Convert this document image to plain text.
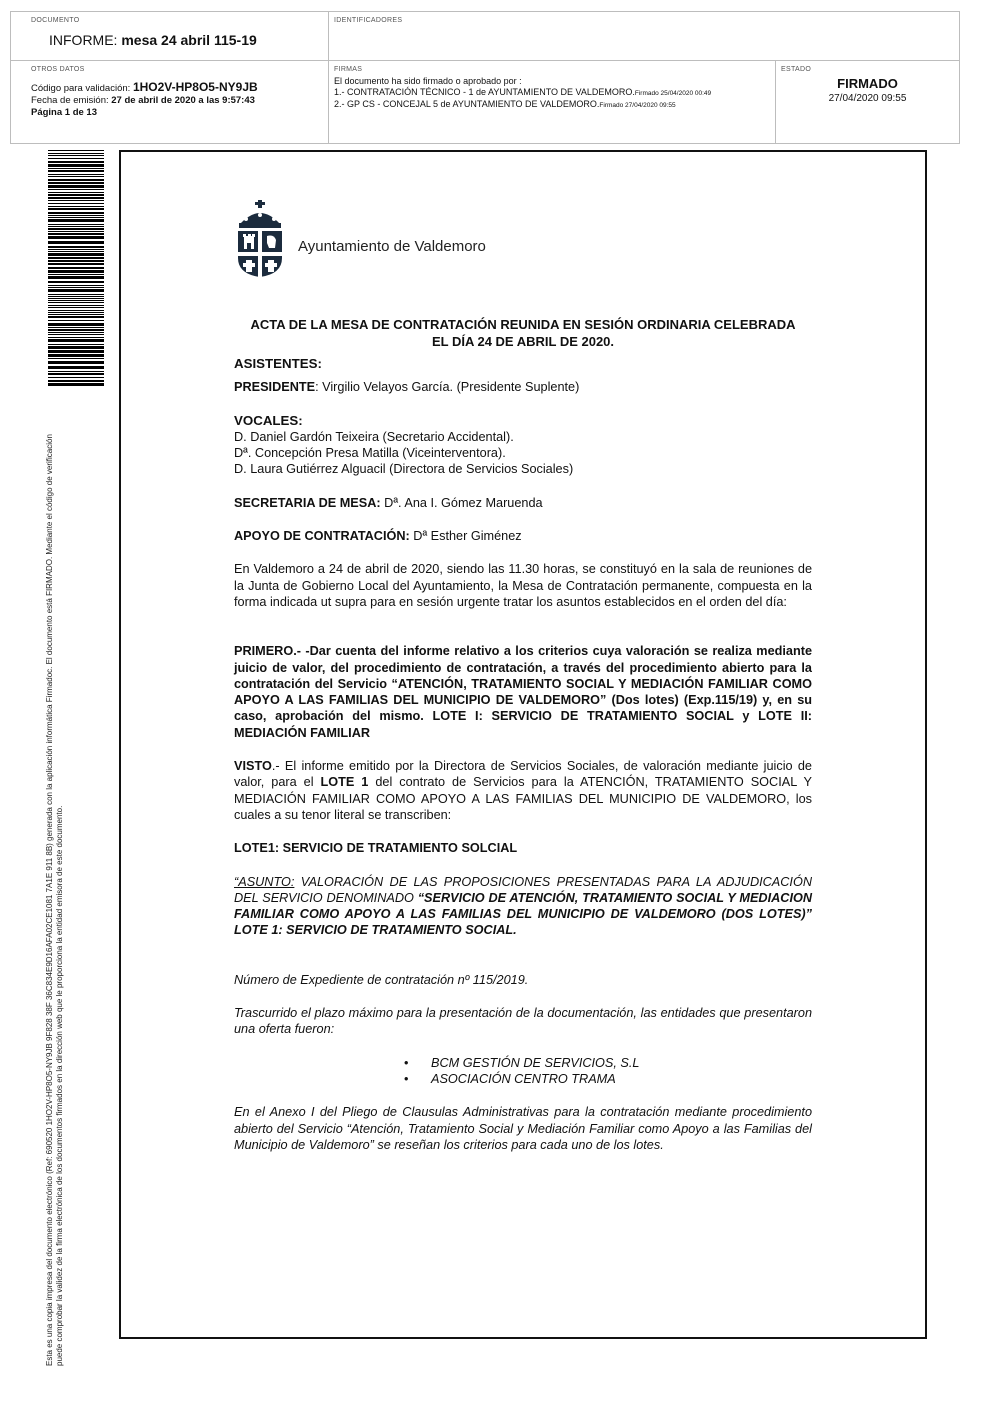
DOCUMENTO
INFORME: mesa 24 abril 115-19
IDENTIFICADORES
OTROS DATOS
Código para validación: 1HO2V-HP8O5-NY9JB
Fecha de emisión: 27 de abril de 2020 a las 9:57:43
Página 1 de 13
FIRMAS
El documento ha sido firmado o aprobado por :
1.- CONTRATACIÓN TÉCNICO - 1 de AYUNTAMIENTO DE VALDEMORO.Firmado 25/04/2020 00:49
2.- GP CS - CONCEJAL 5 de AYUNTAMIENTO DE VALDEMORO.Firmado 27/04/2020 09:55
ESTADO
FIRMADO
27/04/2020 09:55
Esta es una copia impresa del documento electrónico (Ref: 690520 1HO2V-HP8O5-NY9JB 9F828 38F 36C834E9D16AFA02CE1081 7A1E 911 8B) generada con la aplicación informática Firmadoc. El documento está FIRMADO. Mediante el código de verificación puede comprobar la validez de la firma electrónica de los documentos firmados en la dirección web que le proporciona la entidad emisora de este documento.
Ayuntamiento de Valdemoro

ACTA DE LA MESA DE CONTRATACIÓN REUNIDA EN SESIÓN ORDINARIA CELEBRADA

EL DÍA 24 DE ABRIL DE 2020.

ASISTENTES:

PRESIDENTE: Virgilio Velayos García. (Presidente Suplente)

VOCALES:

D. Daniel Gardón Teixeira (Secretario Accidental).

Dª. Concepción Presa Matilla (Viceinterventora).

D. Laura Gutiérrez Alguacil (Directora de Servicios Sociales)

SECRETARIA DE MESA: Dª. Ana I. Gómez Maruenda

APOYO DE CONTRATACIÓN: Dª Esther Giménez

En Valdemoro a 24 de abril de 2020, siendo las 11.30 horas, se constituyó en la sala de reuniones de la Junta de Gobierno Local del Ayuntamiento, la Mesa de Contratación permanente, compuesta en la forma indicada ut supra para en sesión urgente tratar los asuntos establecidos en el orden del día:

PRIMERO.- -Dar cuenta del informe relativo a los criterios cuya valoración se realiza mediante juicio de valor, del procedimiento de contratación, a través del procedimiento abierto para la contratación del Servicio “ATENCIÓN, TRATAMIENTO SOCIAL Y MEDIACIÓN FAMILIAR COMO APOYO A LAS FAMILIAS DEL MUNICIPIO DE VALDEMORO” (Dos lotes) (Exp.115/19) y, en su caso, aprobación del mismo. LOTE I: SERVICIO DE TRATAMIENTO SOCIAL y LOTE II: MEDIACIÓN FAMILIAR

VISTO.- El informe emitido por la Directora de Servicios Sociales, de valoración mediante juicio de valor, para el LOTE 1 del contrato de Servicios para la ATENCIÓN, TRATAMIENTO SOCIAL Y MEDIACIÓN FAMILIAR COMO APOYO A LAS FAMILIAS DEL MUNICIPIO DE VALDEMORO, los cuales a su tenor literal se transcriben:

LOTE1: SERVICIO DE TRATAMIENTO SOLCIAL

“ASUNTO: VALORACIÓN DE LAS PROPOSICIONES PRESENTADAS PARA LA ADJUDICACIÓN DEL SERVICIO DENOMINADO “SERVICIO DE ATENCIÓN, TRATAMIENTO SOCIAL Y MEDIACION FAMILIAR COMO APOYO A LAS FAMILIAS DEL MUNICIPIO DE VALDEMORO (DOS LOTES)” LOTE 1: SERVICIO DE TRATAMIENTO SOCIAL.

Número de Expediente de contratación nº 115/2019.

Trascurrido el plazo máximo para la presentación de la documentación, las entidades que presentaron una oferta fueron:

• BCM GESTIÓN DE SERVICIOS, S.L
• ASOCIACIÓN CENTRO TRAMA

En el Anexo I del Pliego de Clausulas Administrativas para la contratación mediante procedimiento abierto del Servicio “Atención, Tratamiento Social y Mediación Familiar como Apoyo a las Familias del Municipio de Valdemoro” se reseñan los criterios para cada uno de los lotes.
